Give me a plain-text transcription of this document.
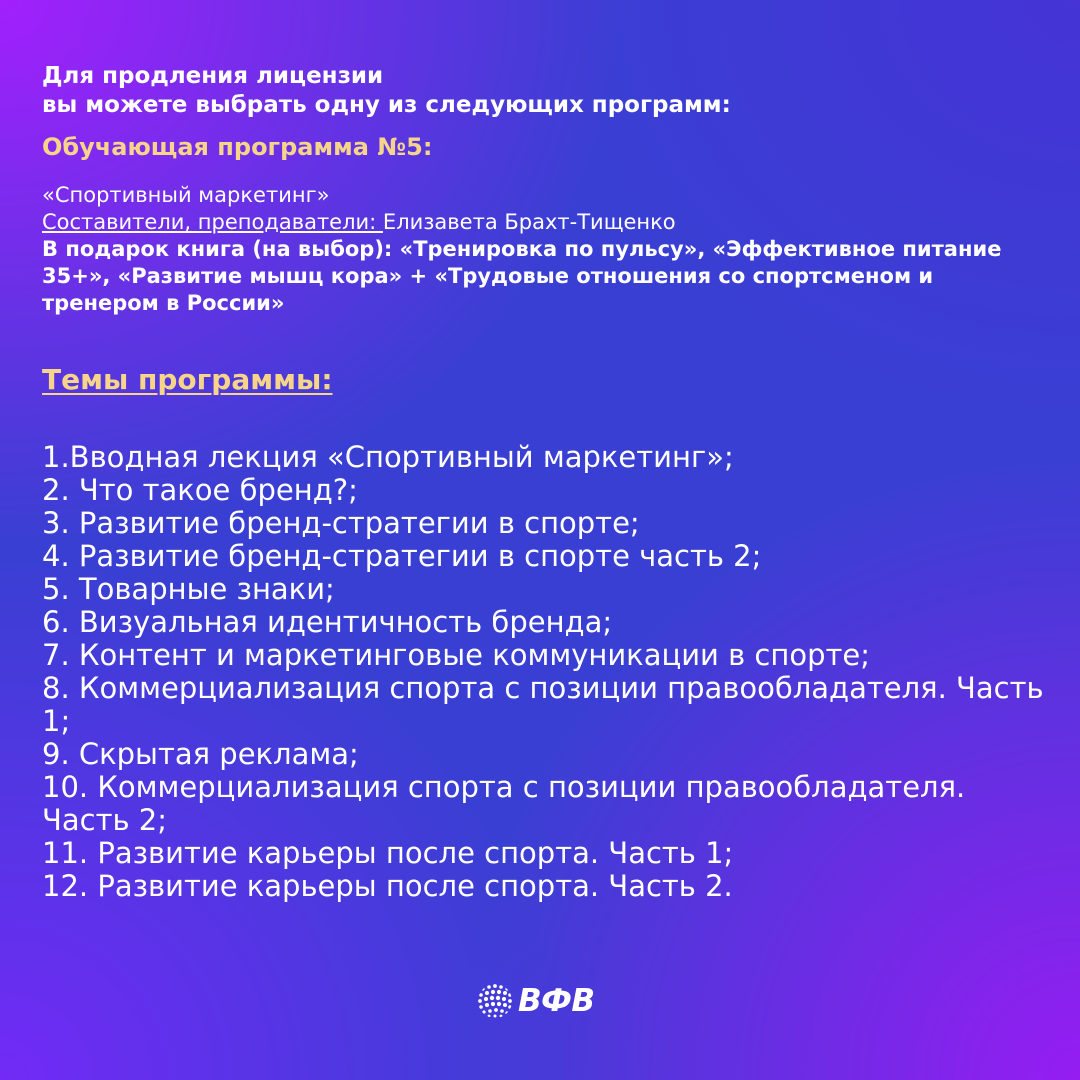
Для продления лицензии
вы можете выбрать одну из следующих программ:

Обучающая программа №5:

«Спортивный маркетинг»
Составители, преподаватели: Елизавета Брахт-Тищенко
В подарок книга (на выбор): «Тренировка по пульсу», «Эффективное питание 35+», «Развитие мышц кора» + «Трудовые отношения со спортсменом и тренером в России»

Темы программы:

1.Вводная лекция «Спортивный маркетинг»;
2. Что такое бренд?;
3. Развитие бренд-стратегии в спорте;
4. Развитие бренд-стратегии в спорте часть 2;
5. Товарные знаки;
6. Визуальная идентичность бренда;
7. Контент и маркетинговые коммуникации в спорте;
8. Коммерциализация спорта с позиции правообладателя. Часть 1;
9. Скрытая реклама;
10. Коммерциализация спорта с позиции правообладателя. Часть 2;
11. Развитие карьеры после спорта. Часть 1;
12. Развитие карьеры после спорта. Часть 2.
ВФВ
